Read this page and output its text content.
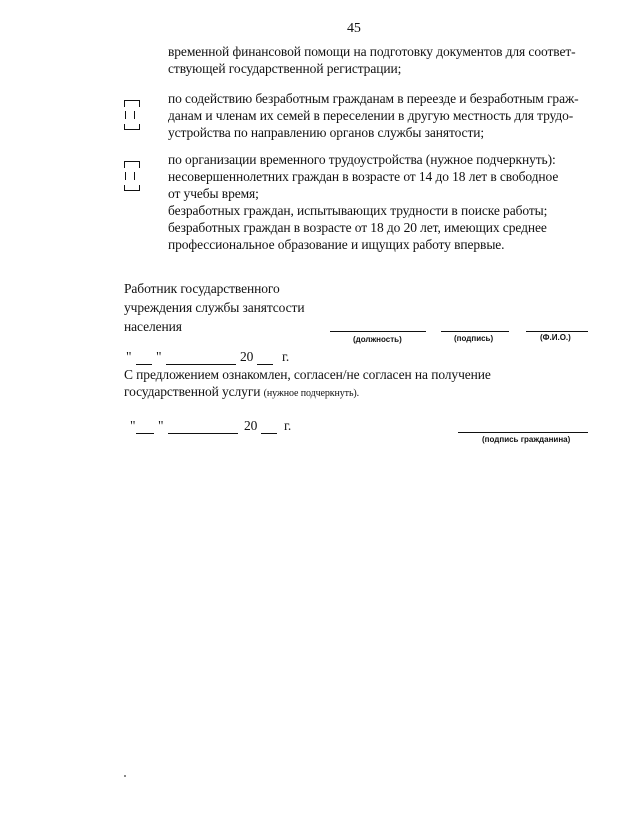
45
временной финансовой помощи на подготовку документов для соответ-
ствующей государственной регистрации;
по содействию безработным гражданам в переезде и безработным граж-
данам и членам их семей в переселении в другую местность для трудо-
устройства по направлению органов службы занятости;
по организации временного трудоустройства (нужное подчеркнуть):
несовершеннолетних граждан в возрасте от 14 до 18 лет в свободное
от учебы время;
безработных граждан, испытывающих трудности в поиске работы;
безработных граждан в возрасте от 18 до 20 лет, имеющих среднее
профессиональное образование и ищущих работу впервые.
Работник государственного
учреждения службы занятсости
населения
(должность)	(подпись)	(Ф.И.О.)
" "	20 г.
С предложением ознакомлен, согласен/не согласен на получение
государственной услуги (нужное подчеркнуть).
" "	20 г.
(подпись гражданина)
